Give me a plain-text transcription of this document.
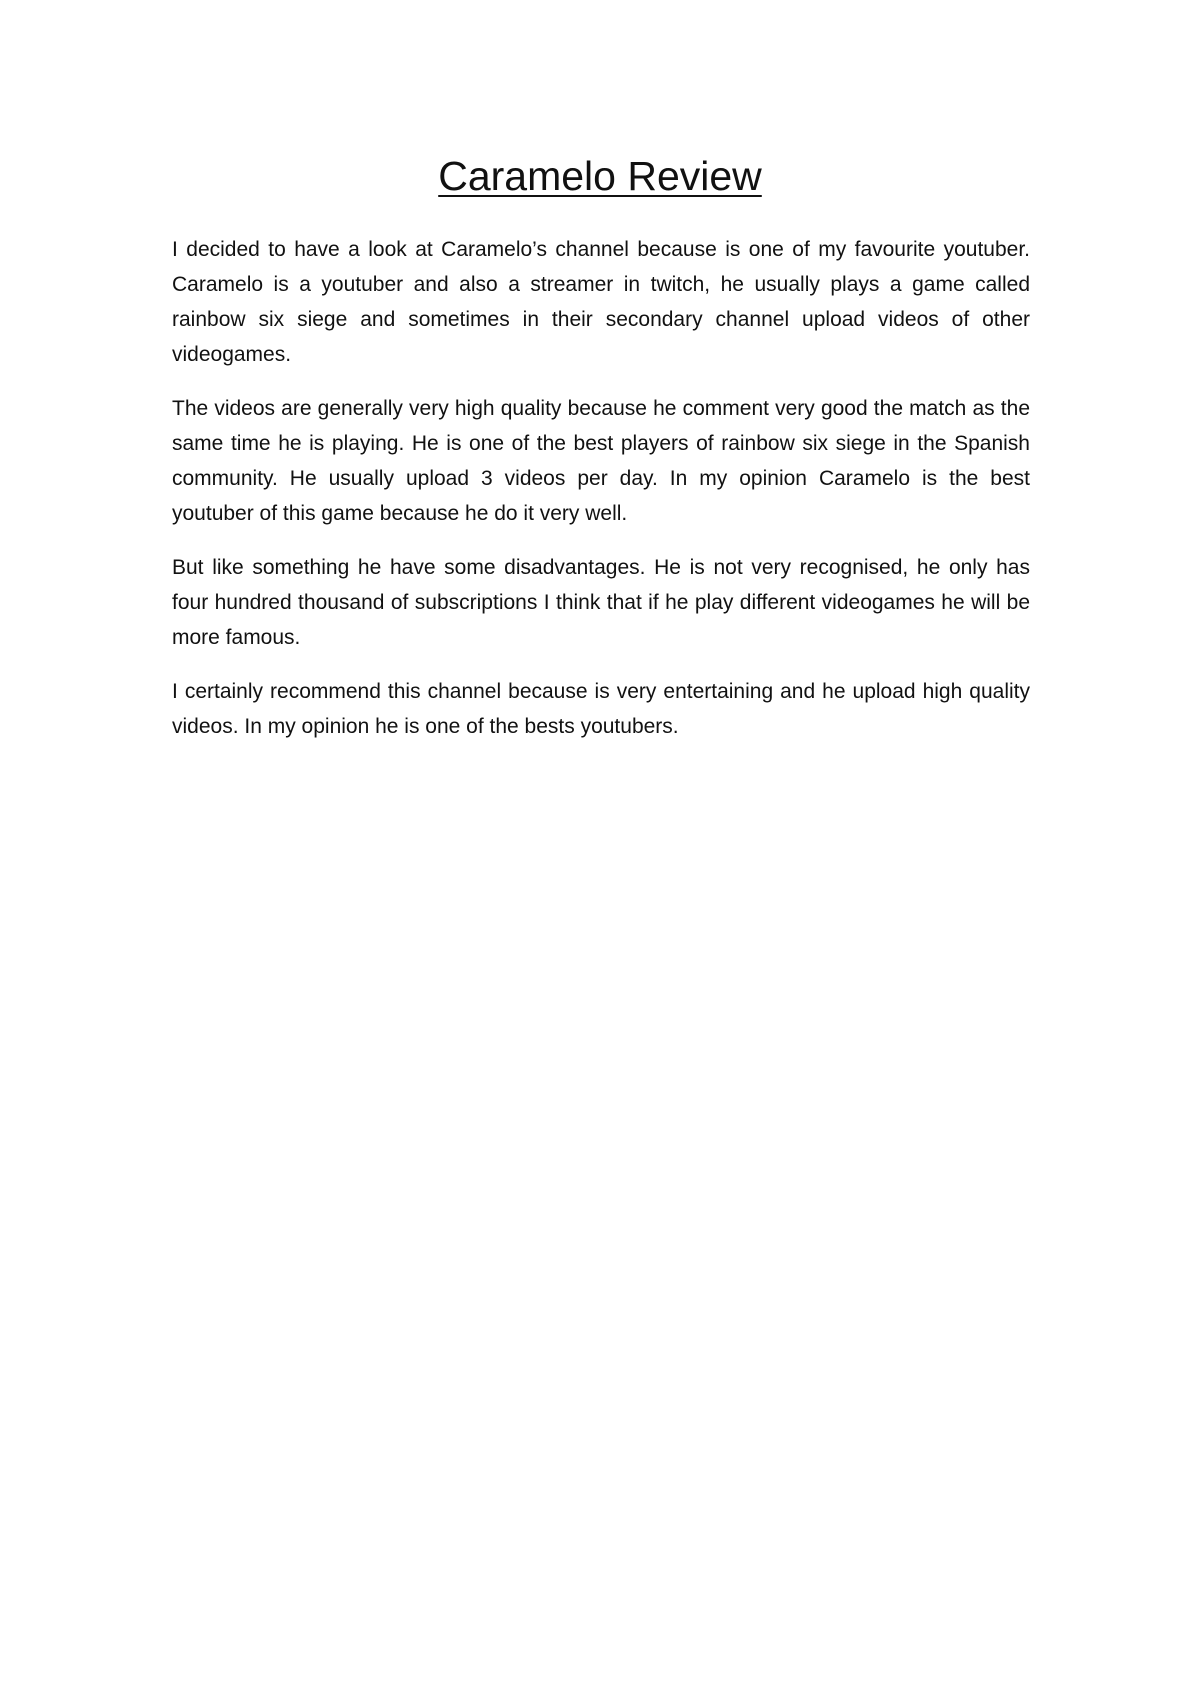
Caramelo Review

I decided to have a look at Caramelo’s channel because is one of my favourite youtuber. Caramelo is a youtuber and also a streamer in twitch, he usually plays a game called rainbow six siege and sometimes in their secondary channel upload videos of other videogames.

The videos are generally very high quality because he comment very good the match as the same time he is playing. He is one of the best players of rainbow six siege in the Spanish community. He usually upload 3 videos per day. In my opinion Caramelo is the best youtuber of this game because he do it very well.

But like something he have some disadvantages. He is not very recognised, he only has four hundred thousand of subscriptions I think that if he play different videogames he will be more famous.

I certainly recommend this channel because is very entertaining and he upload high quality videos. In my opinion he is one of the bests youtubers.
